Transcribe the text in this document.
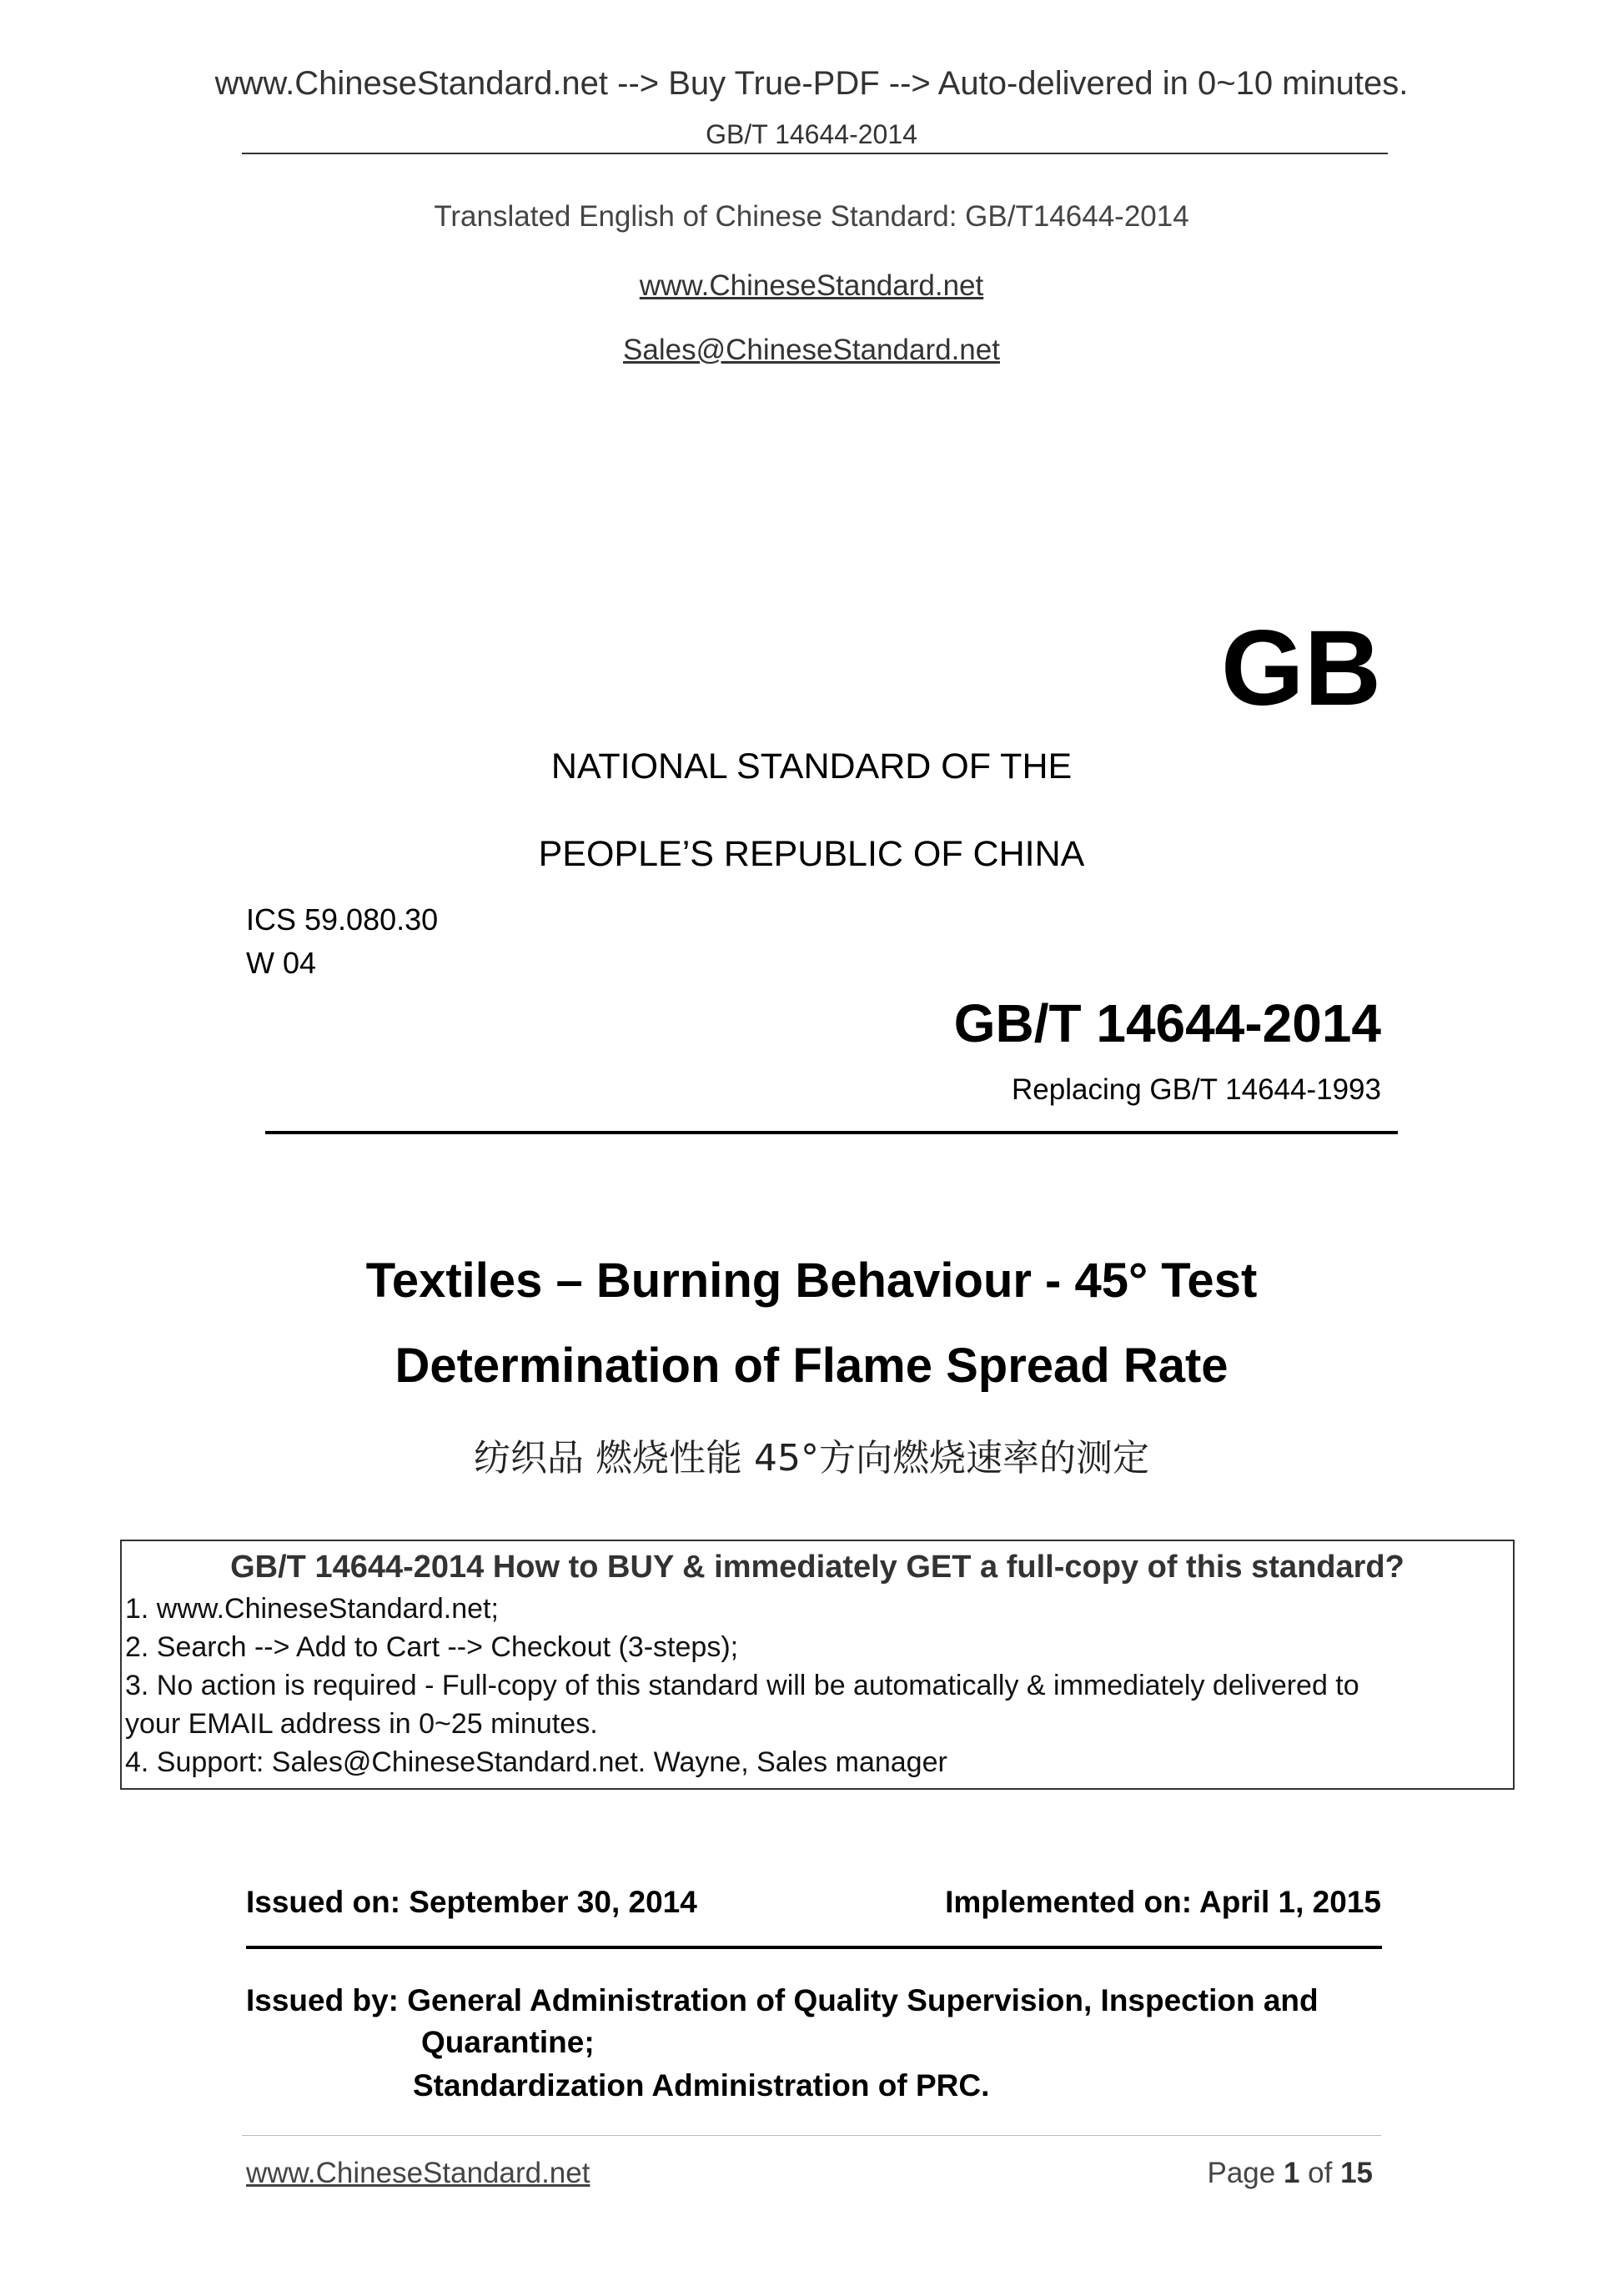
www.ChineseStandard.net --> Buy True-PDF --> Auto-delivered in 0~10 minutes.
GB/T 14644-2014
Translated English of Chinese Standard: GB/T14644-2014
www.ChineseStandard.net
Sales@ChineseStandard.net
GB
NATIONAL STANDARD OF THE
PEOPLE’S REPUBLIC OF CHINA
ICS 59.080.30
W 04
GB/T 14644-2014
Replacing GB/T 14644-1993
Textiles – Burning Behaviour - 45° Test
Determination of Flame Spread Rate
纺织品 燃烧性能 45°方向燃烧速率的测定
GB/T 14644-2014 How to BUY & immediately GET a full-copy of this standard?
1. www.ChineseStandard.net;
2. Search --> Add to Cart --> Checkout (3-steps);
3. No action is required - Full-copy of this standard will be automatically & immediately delivered to
your EMAIL address in 0~25 minutes.
4. Support: Sales@ChineseStandard.net. Wayne, Sales manager
Issued on: September 30, 2014	Implemented on: April 1, 2015
Issued by: General Administration of Quality Supervision, Inspection and
Quarantine;
Standardization Administration of PRC.
www.ChineseStandard.net	Page 1 of 15
